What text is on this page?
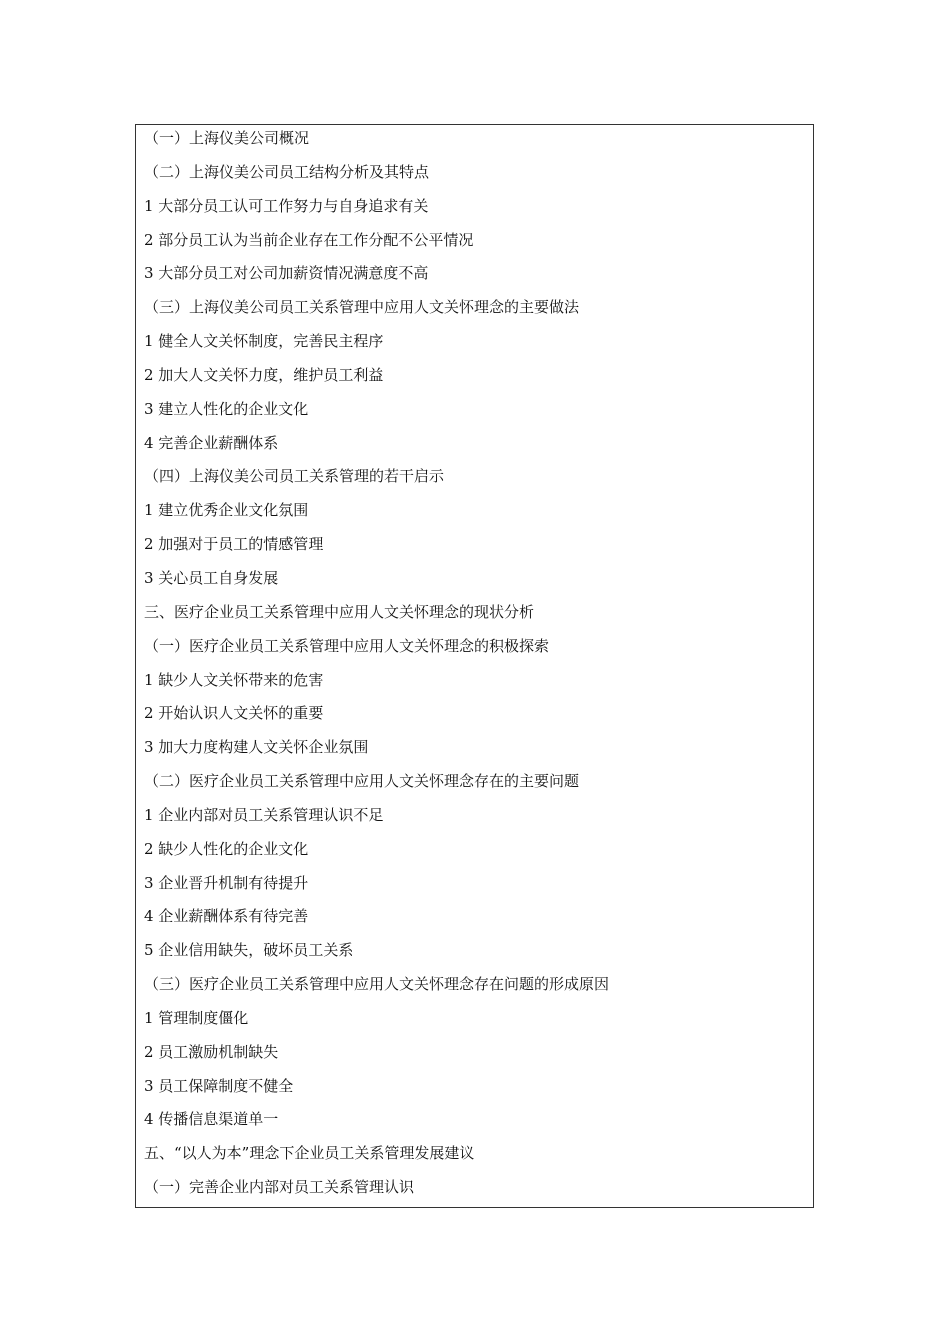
（一）上海仪美公司概况
（二）上海仪美公司员工结构分析及其特点
1 大部分员工认可工作努力与自身追求有关
2 部分员工认为当前企业存在工作分配不公平情况
3 大部分员工对公司加薪资情况满意度不高
（三）上海仪美公司员工关系管理中应用人文关怀理念的主要做法
1 健全人文关怀制度，完善民主程序
2 加大人文关怀力度，维护员工利益
3 建立人性化的企业文化
4 完善企业薪酬体系
（四）上海仪美公司员工关系管理的若干启示
1 建立优秀企业文化氛围
2 加强对于员工的情感管理
3 关心员工自身发展
三、医疗企业员工关系管理中应用人文关怀理念的现状分析
（一）医疗企业员工关系管理中应用人文关怀理念的积极探索
1 缺少人文关怀带来的危害
2 开始认识人文关怀的重要
3 加大力度构建人文关怀企业氛围
（二）医疗企业员工关系管理中应用人文关怀理念存在的主要问题
1 企业内部对员工关系管理认识不足
2 缺少人性化的企业文化
3 企业晋升机制有待提升
4 企业薪酬体系有待完善
5 企业信用缺失，破坏员工关系
（三）医疗企业员工关系管理中应用人文关怀理念存在问题的形成原因
1 管理制度僵化
2 员工激励机制缺失
3 员工保障制度不健全
4 传播信息渠道单一
五、“以人为本”理念下企业员工关系管理发展建议
（一）完善企业内部对员工关系管理认识
